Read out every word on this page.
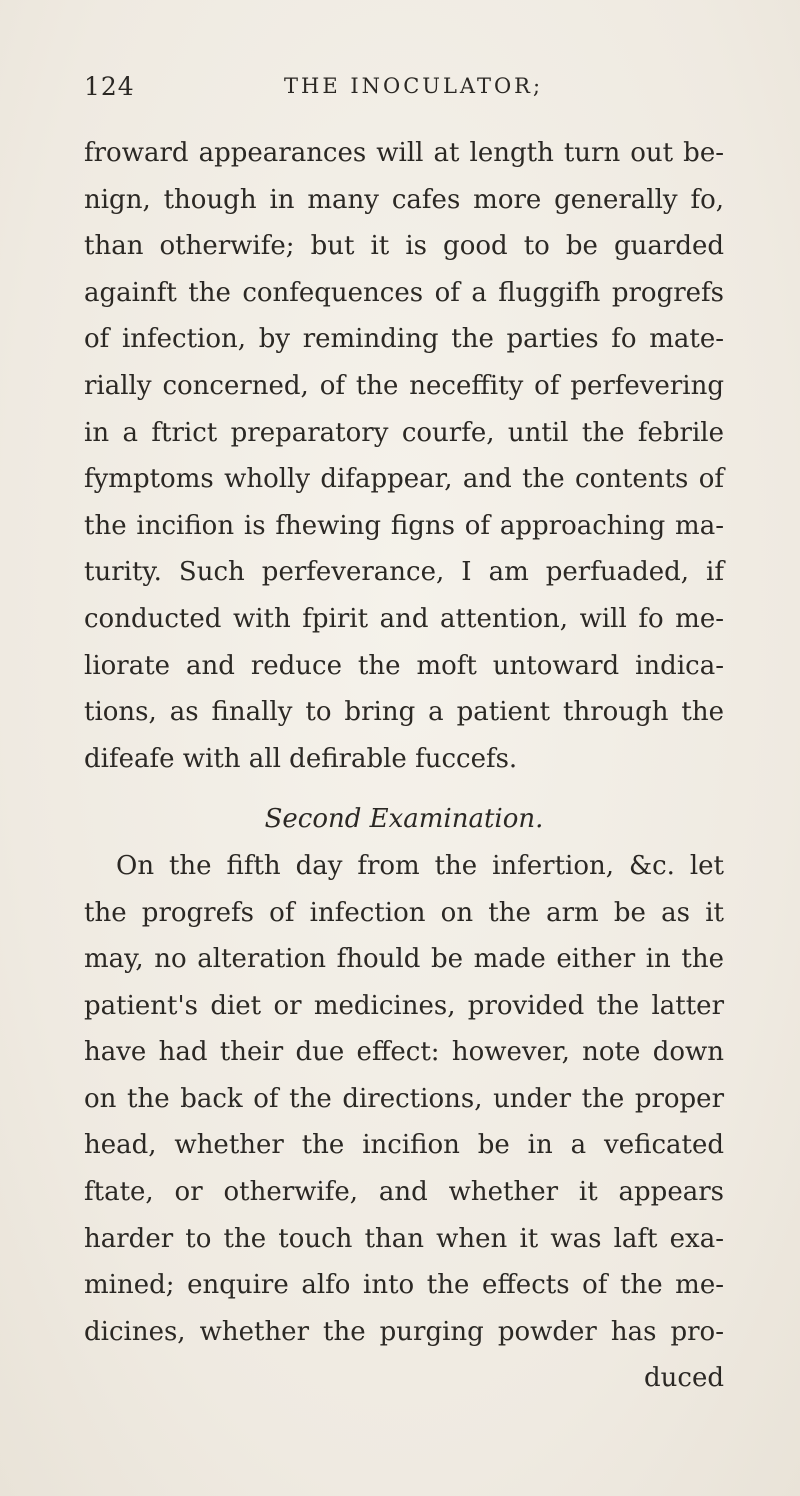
124	THE INOCULATOR;
froward appearances will at length turn out be-
nign, though in many cafes more generally fo,
than otherwife; but it is good to be guarded
againft the confequences of a fluggifh progrefs
of infection, by reminding the parties fo mate-
rially concerned, of the neceffity of perfevering
in a ftrict preparatory courfe, until the febrile
fymptoms wholly difappear, and the contents of
the incifion is fhewing figns of approaching ma-
turity. Such perfeverance, I am perfuaded, if
conducted with fpirit and attention, will fo me-
liorate and reduce the moft untoward indica-
tions, as finally to bring a patient through the
difeafe with all defirable fuccefs.
Second Examination.
On the fifth day from the infertion, &c. let
the progrefs of infection on the arm be as it
may, no alteration fhould be made either in the
patient's diet or medicines, provided the latter
have had their due effect: however, note down
on the back of the directions, under the proper
head, whether the incifion be in a veficated
ftate, or otherwife, and whether it appears
harder to the touch than when it was laft exa-
mined; enquire alfo into the effects of the me-
dicines, whether the purging powder has pro-
duced
